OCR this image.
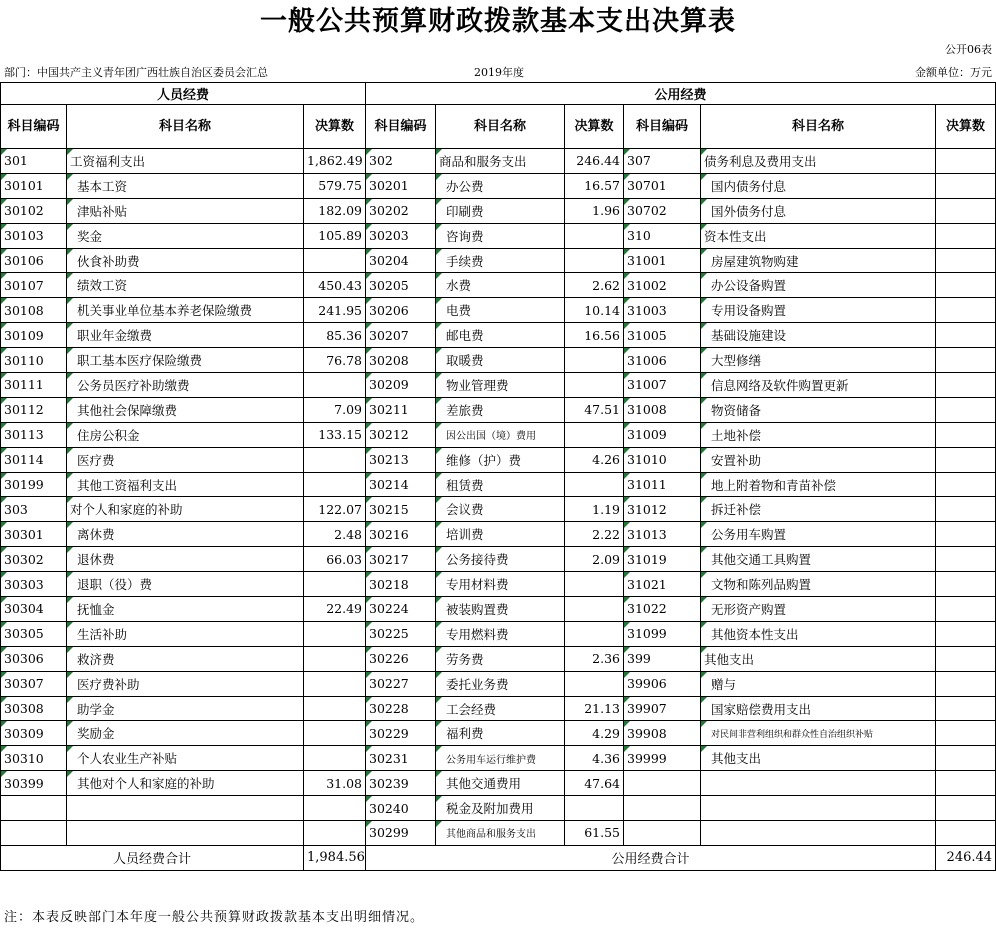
一般公共预算财政拨款基本支出决算表
公开06表
部门：中国共产主义青年团广西壮族自治区委员会汇总	2019年度	金额单位：万元
人员经费			公用经费					
科目编码	科目名称	决算数	科目编码	科目名称	决算数	科目编码	科目名称	决算数
301	工资福利支出	1,862.49	302	商品和服务支出	246.44	307	债务利息及费用支出	
30101	基本工资	579.75	30201	办公费	16.57	30701	国内债务付息	
30102	津贴补贴	182.09	30202	印刷费	1.96	30702	国外债务付息	
30103	奖金	105.89	30203	咨询费		310	资本性支出	
30106	伙食补助费		30204	手续费		31001	房屋建筑物购建	
30107	绩效工资	450.43	30205	水费	2.62	31002	办公设备购置	
30108	机关事业单位基本养老保险缴费	241.95	30206	电费	10.14	31003	专用设备购置	
30109	职业年金缴费	85.36	30207	邮电费	16.56	31005	基础设施建设	
30110	职工基本医疗保险缴费	76.78	30208	取暖费		31006	大型修缮	
30111	公务员医疗补助缴费		30209	物业管理费		31007	信息网络及软件购置更新	
30112	其他社会保障缴费	7.09	30211	差旅费	47.51	31008	物资储备	
30113	住房公积金	133.15	30212	因公出国（境）费用		31009	土地补偿	
30114	医疗费		30213	维修（护）费	4.26	31010	安置补助	
30199	其他工资福利支出		30214	租赁费		31011	地上附着物和青苗补偿	
303	对个人和家庭的补助	122.07	30215	会议费	1.19	31012	拆迁补偿	
30301	离休费	2.48	30216	培训费	2.22	31013	公务用车购置	
30302	退休费	66.03	30217	公务接待费	2.09	31019	其他交通工具购置	
30303	退职（役）费		30218	专用材料费		31021	文物和陈列品购置	
30304	抚恤金	22.49	30224	被装购置费		31022	无形资产购置	
30305	生活补助		30225	专用燃料费		31099	其他资本性支出	
30306	救济费		30226	劳务费	2.36	399	其他支出	
30307	医疗费补助		30227	委托业务费		39906	赠与	
30308	助学金		30228	工会经费	21.13	39907	国家赔偿费用支出	
30309	奖励金		30229	福利费	4.29	39908	对民间非营利组织和群众性自治组织补贴	
30310	个人农业生产补贴		30231	公务用车运行维护费	4.36	39999	其他支出	
30399	其他对个人和家庭的补助	31.08	30239	其他交通费用	47.64			
			30240	税金及附加费用				
			30299	其他商品和服务支出	61.55			
人员经费合计		1,984.56	公用经费合计					246.44
注：本表反映部门本年度一般公共预算财政拨款基本支出明细情况。
